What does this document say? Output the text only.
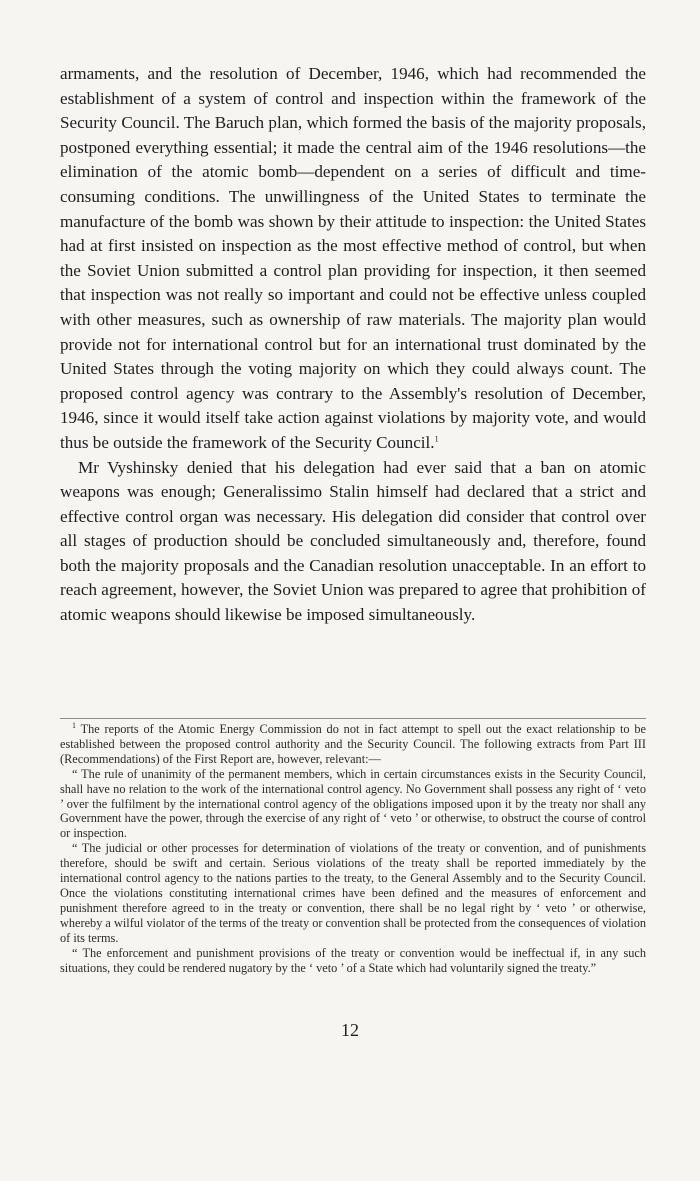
armaments, and the resolution of December, 1946, which had recommended the establishment of a system of control and inspection within the framework of the Security Council. The Baruch plan, which formed the basis of the majority proposals, postponed everything essential; it made the central aim of the 1946 resolutions—the elimination of the atomic bomb—dependent on a series of difficult and time-consuming conditions. The unwillingness of the United States to terminate the manufacture of the bomb was shown by their attitude to inspection: the United States had at first insisted on inspection as the most effective method of control, but when the Soviet Union submitted a control plan providing for inspection, it then seemed that inspection was not really so important and could not be effective unless coupled with other measures, such as ownership of raw materials. The majority plan would provide not for international control but for an international trust dominated by the United States through the voting majority on which they could always count. The proposed control agency was contrary to the Assembly's resolution of December, 1946, since it would itself take action against violations by majority vote, and would thus be outside the framework of the Security Council.$^1$

Mr Vyshinsky denied that his delegation had ever said that a ban on atomic weapons was enough; Generalissimo Stalin himself had declared that a strict and effective control organ was necessary. His delegation did consider that control over all stages of production should be concluded simultaneously and, therefore, found both the majority proposals and the Canadian resolution unacceptable. In an effort to reach agreement, however, the Soviet Union was prepared to agree that prohibition of atomic weapons should likewise be imposed simultaneously.

$^1$ The reports of the Atomic Energy Commission do not in fact attempt to spell out the exact relationship to be established between the proposed control authority and the Security Council. The following extracts from Part III (Recommendations) of the First Report are, however, relevant:—

“ The rule of unanimity of the permanent members, which in certain circumstances exists in the Security Council, shall have no relation to the work of the international control agency. No Government shall possess any right of ‘ veto ’ over the fulfilment by the international control agency of the obligations imposed upon it by the treaty nor shall any Government have the power, through the exercise of any right of ‘ veto ’ or otherwise, to obstruct the course of control or inspection.

“ The judicial or other processes for determination of violations of the treaty or convention, and of punishments therefore, should be swift and certain. Serious violations of the treaty shall be reported immediately by the international control agency to the nations parties to the treaty, to the General Assembly and to the Security Council. Once the violations constituting international crimes have been defined and the measures of enforcement and punishment therefore agreed to in the treaty or convention, there shall be no legal right by ‘ veto ’ or otherwise, whereby a wilful violator of the terms of the treaty or convention shall be protected from the consequences of violation of its terms.

“ The enforcement and punishment provisions of the treaty or convention would be ineffectual if, in any such situations, they could be rendered nugatory by the ‘ veto ’ of a State which had voluntarily signed the treaty.”

12
